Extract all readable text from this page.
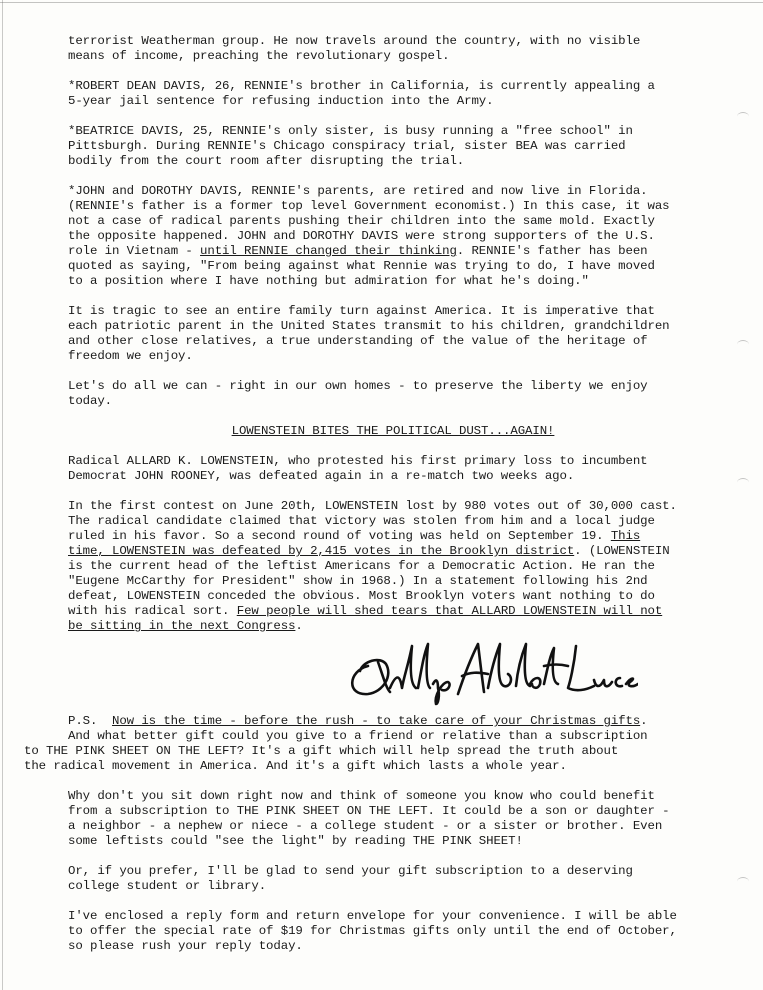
terrorist Weatherman group. He now travels around the country, with no visible
means of income, preaching the revolutionary gospel.

*ROBERT DEAN DAVIS, 26, RENNIE's brother in California, is currently appealing a
5-year jail sentence for refusing induction into the Army.

*BEATRICE DAVIS, 25, RENNIE's only sister, is busy running a "free school" in
Pittsburgh. During RENNIE's Chicago conspiracy trial, sister BEA was carried
bodily from the court room after disrupting the trial.

*JOHN and DOROTHY DAVIS, RENNIE's parents, are retired and now live in Florida.
(RENNIE's father is a former top level Government economist.) In this case, it was
not a case of radical parents pushing their children into the same mold. Exactly
the opposite happened. JOHN and DOROTHY DAVIS were strong supporters of the U.S.
role in Vietnam - until RENNIE changed their thinking. RENNIE's father has been
quoted as saying, "From being against what Rennie was trying to do, I have moved
to a position where I have nothing but admiration for what he's doing."

It is tragic to see an entire family turn against America. It is imperative that
each patriotic parent in the United States transmit to his children, grandchildren
and other close relatives, a true understanding of the value of the heritage of
freedom we enjoy.

Let's do all we can - right in our own homes - to preserve the liberty we enjoy
today.

LOWENSTEIN BITES THE POLITICAL DUST...AGAIN!

Radical ALLARD K. LOWENSTEIN, who protested his first primary loss to incumbent
Democrat JOHN ROONEY, was defeated again in a re-match two weeks ago.

In the first contest on June 20th, LOWENSTEIN lost by 980 votes out of 30,000 cast.
The radical candidate claimed that victory was stolen from him and a local judge
ruled in his favor. So a second round of voting was held on September 19. This
time, LOWENSTEIN was defeated by 2,415 votes in the Brooklyn district. (LOWENSTEIN
is the current head of the leftist Americans for a Democratic Action. He ran the
"Eugene McCarthy for President" show in 1968.) In a statement following his 2nd
defeat, LOWENSTEIN conceded the obvious. Most Brooklyn voters want nothing to do
with his radical sort. Few people will shed tears that ALLARD LOWENSTEIN will not
be sitting in the next Congress.

P.S. Now is the time - before the rush - to take care of your Christmas gifts.
And what better gift could you give to a friend or relative than a subscription
to THE PINK SHEET ON THE LEFT? It's a gift which will help spread the truth about
the radical movement in America. And it's a gift which lasts a whole year.

Why don't you sit down right now and think of someone you know who could benefit
from a subscription to THE PINK SHEET ON THE LEFT. It could be a son or daughter -
a neighbor - a nephew or niece - a college student - or a sister or brother. Even
some leftists could "see the light" by reading THE PINK SHEET!

Or, if you prefer, I'll be glad to send your gift subscription to a deserving
college student or library.

I've enclosed a reply form and return envelope for your convenience. I will be able
to offer the special rate of $19 for Christmas gifts only until the end of October,
so please rush your reply today.
